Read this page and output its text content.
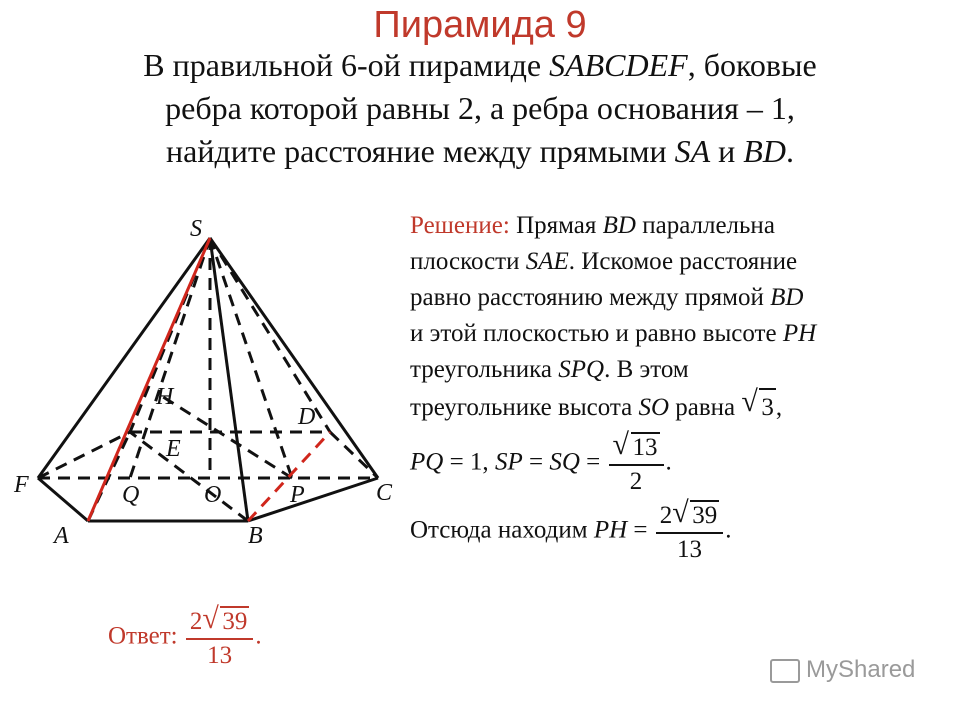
Пирамида 9
В правильной 6-ой пирамиде SABCDEF, боковые
ребра которой равны 2, а ребра основания – 1,
найдите расстояние между прямыми SA и BD.
S
H
D
E
F	Q	O	P	C
A	B
Решение: Прямая BD параллельна
плоскости SAE. Искомое расстояние
равно расстоянию между прямой BD
и этой плоскостью и равно высоте PH
треугольника SPQ. В этом
треугольнике высота SO равна √ 3,
PQ = 1, SP = SQ = $\frac{√ 13}{2}$ .
Отсюда находим PH = $\frac{2 √ 39}{13}$ .
Ответ: $\frac{2 √ 39}{13}$ .
MyShared
